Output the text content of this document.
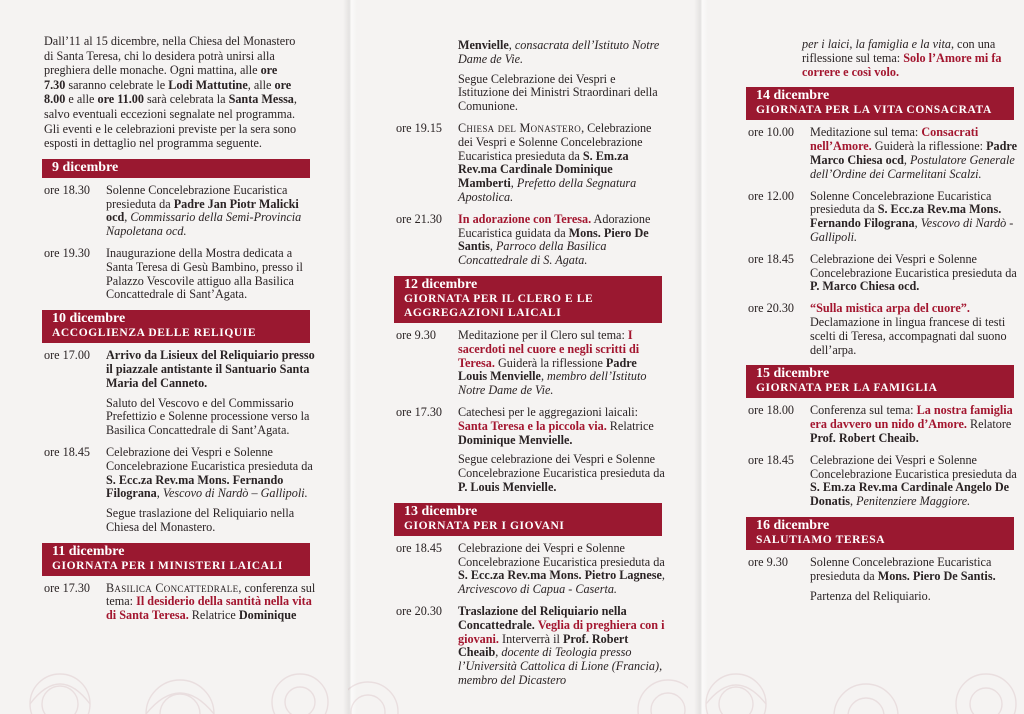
Dall’11 al 15 dicembre, nella Chiesa del Monastero di Santa Teresa, chi lo desidera potrà unirsi alla preghiera delle monache. Ogni mattina, alle ore 7.30 saranno celebrate le Lodi Mattutine, alle ore 8.00 e alle ore 11.00 sarà celebrata la Santa Messa, salvo eventuali eccezioni segnalate nel programma. Gli eventi e le celebrazioni previste per la sera sono esposti in dettaglio nel programma seguente.

9 dicembre
ore 18.30	Solenne Concelebrazione Eucaristica presieduta da Padre Jan Piotr Malicki ocd, Commissario della Semi-Provincia Napoletana ocd.

ore 19.30	Inaugurazione della Mostra dedicata a Santa Teresa di Gesù Bambino, presso il Palazzo Vescovile attiguo alla Basilica Concattedrale di Sant’Agata.

10 dicembre
ACCOGLIENZA DELLE RELIQUIE
ore 17.00	Arrivo da Lisieux del Reliquiario presso il piazzale antistante il Santuario Santa Maria del Canneto.

Saluto del Vescovo e del Commissario Prefettizio e Solenne processione verso la Basilica Concattedrale di Sant’Agata.

ore 18.45	Celebrazione dei Vespri e Solenne Concelebrazione Eucaristica presieduta da S. Ecc.za Rev.ma Mons. Fernando Filograna, Vescovo di Nardò – Gallipoli.

Segue traslazione del Reliquiario nella Chiesa del Monastero.

11 dicembre
GIORNATA PER I MINISTERI LAICALI
ore 17.30	Basilica Concattedrale, conferenza sul tema: Il desiderio della santità nella vita di Santa Teresa. Relatrice Dominique

Menvielle, consacrata dell’Istituto Notre Dame de Vie.

Segue Celebrazione dei Vespri e Istituzione dei Ministri Straordinari della Comunione.

ore 19.15	Chiesa del Monastero, Celebrazione dei Vespri e Solenne Concelebrazione Eucaristica presieduta da S. Em.za Rev.ma Cardinale Dominique Mamberti, Prefetto della Segnatura Apostolica.

ore 21.30	In adorazione con Teresa. Adorazione Eucaristica guidata da Mons. Piero De Santis, Parroco della Basilica Concattedrale di S. Agata.

12 dicembre
GIORNATA PER IL CLERO E LE AGGREGAZIONI LAICALI
ore 9.30	Meditazione per il Clero sul tema: I sacerdoti nel cuore e negli scritti di Teresa. Guiderà la riflessione Padre Louis Menvielle, membro dell’Istituto Notre Dame de Vie.

ore 17.30	Catechesi per le aggregazioni laicali: Santa Teresa e la piccola via. Relatrice Dominique Menvielle.

Segue celebrazione dei Vespri e Solenne Concelebrazione Eucaristica presieduta da P. Louis Menvielle.

13 dicembre
GIORNATA PER I GIOVANI
ore 18.45	Celebrazione dei Vespri e Solenne Concelebrazione Eucaristica presieduta da S. Ecc.za Rev.ma Mons. Pietro Lagnese, Arcivescovo di Capua - Caserta.

ore 20.30	Traslazione del Reliquiario nella Concattedrale. Veglia di preghiera con i giovani. Interverrà il Prof. Robert Cheaib, docente di Teologia presso l’Università Cattolica di Lione (Francia), membro del Dicastero

per i laici, la famiglia e la vita, con una riflessione sul tema: Solo l’Amore mi fa correre e così volo.

14 dicembre
GIORNATA PER LA VITA CONSACRATA
ore 10.00	Meditazione sul tema: Consacrati nell’Amore. Guiderà la riflessione: Padre Marco Chiesa ocd, Postulatore Generale dell’Ordine dei Carmelitani Scalzi.

ore 12.00	Solenne Concelebrazione Eucaristica presieduta da S. Ecc.za Rev.ma Mons. Fernando Filograna, Vescovo di Nardò - Gallipoli.

ore 18.45	Celebrazione dei Vespri e Solenne Concelebrazione Eucaristica presieduta da P. Marco Chiesa ocd.

ore 20.30	“Sulla mistica arpa del cuore”. Declamazione in lingua francese di testi scelti di Teresa, accompagnati dal suono dell’arpa.

15 dicembre
GIORNATA PER LA FAMIGLIA
ore 18.00	Conferenza sul tema: La nostra famiglia era davvero un nido d’Amore. Relatore Prof. Robert Cheaib.

ore 18.45	Celebrazione dei Vespri e Solenne Concelebrazione Eucaristica presieduta da S. Em.za Rev.ma Cardinale Angelo De Donatis, Penitenziere Maggiore.

16 dicembre
SALUTIAMO TERESA
ore 9.30	Solenne Concelebrazione Eucaristica presieduta da Mons. Piero De Santis.

Partenza del Reliquiario.
